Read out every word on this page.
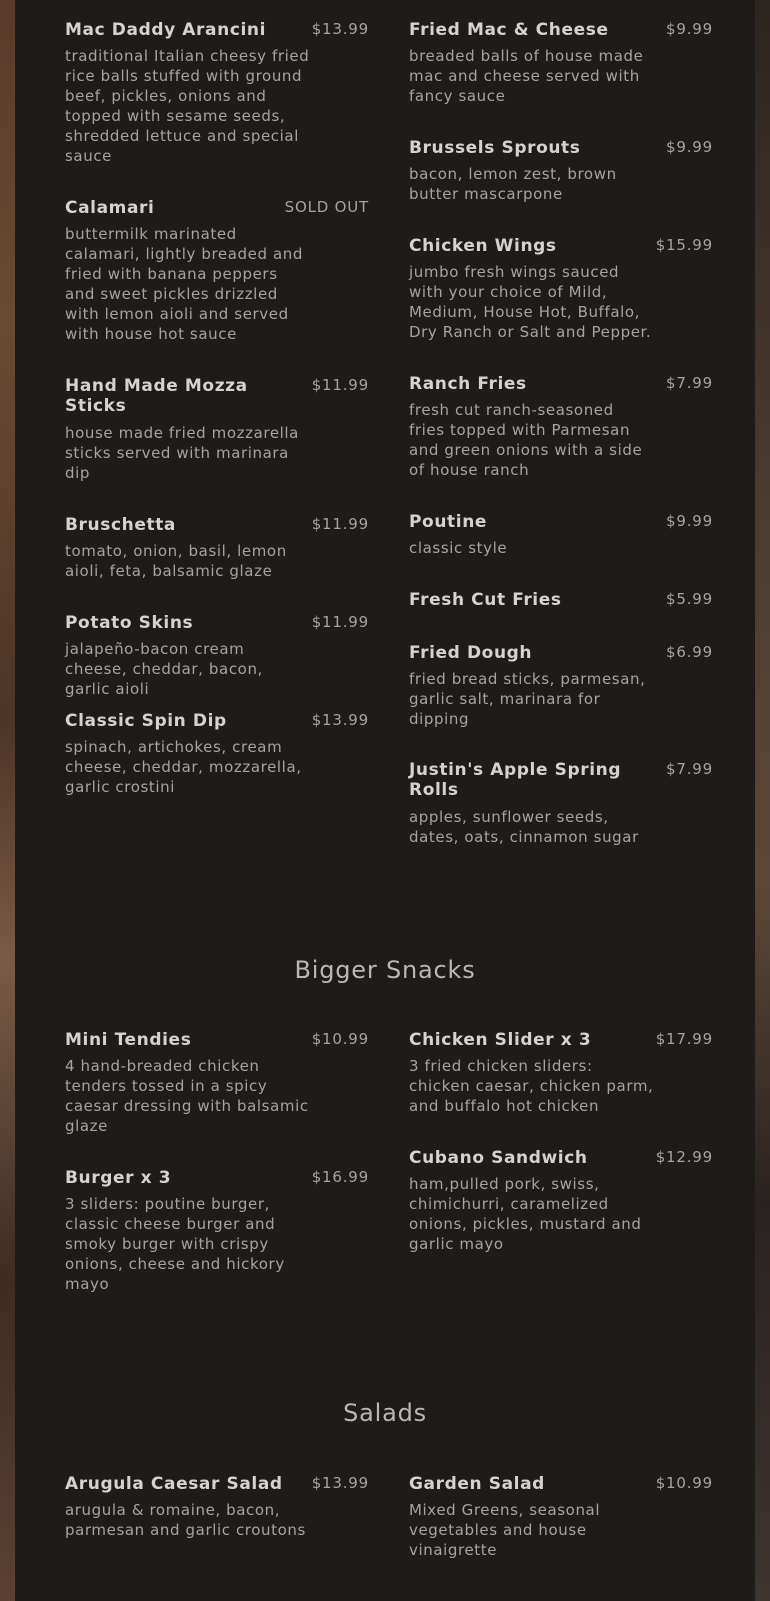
Mac Daddy Arancini	$13.99
traditional Italian cheesy fried rice balls stuffed with ground beef, pickles, onions and topped with sesame seeds, shredded lettuce and special sauce
Calamari	SOLD OUT
buttermilk marinated calamari, lightly breaded and fried with banana peppers and sweet pickles drizzled with lemon aioli and served with house hot sauce
Hand Made Mozza Sticks
$11.99
house made fried mozzarella sticks served with marinara dip
Bruschetta	$11.99
tomato, onion, basil, lemon aioli, feta, balsamic glaze
Potato Skins	$11.99
jalapeño-bacon cream cheese, cheddar, bacon, garlic aioli
Classic Spin Dip	$13.99
spinach, artichokes, cream cheese, cheddar, mozzarella, garlic crostini
Fried Mac & Cheese	$9.99
breaded balls of house made mac and cheese served with fancy sauce
Brussels Sprouts	$9.99
bacon, lemon zest, brown butter mascarpone
Chicken Wings	$15.99
jumbo fresh wings sauced with your choice of Mild, Medium, House Hot, Buffalo, Dry Ranch or Salt and Pepper.
Ranch Fries	$7.99
fresh cut ranch-seasoned fries topped with Parmesan and green onions with a side of house ranch
Poutine	$9.99
classic style
Fresh Cut Fries	$5.99
Fried Dough	$6.99
fried bread sticks, parmesan, garlic salt, marinara for dipping
Justin's Apple Spring Rolls
$7.99
apples, sunflower seeds, dates, oats, cinnamon sugar
Bigger Snacks
Mini Tendies	$10.99
4 hand-breaded chicken tenders tossed in a spicy caesar dressing with balsamic glaze
Burger x 3	$16.99
3 sliders: poutine burger, classic cheese burger and smoky burger with crispy onions, cheese and hickory mayo
Chicken Slider x 3	$17.99
3 fried chicken sliders: chicken caesar, chicken parm, and buffalo hot chicken
Cubano Sandwich	$12.99
ham,pulled pork, swiss, chimichurri, caramelized onions, pickles, mustard and garlic mayo
Salads
Arugula Caesar Salad	$13.99
arugula & romaine, bacon, parmesan and garlic croutons
Garden Salad	$10.99
Mixed Greens, seasonal vegetables and house vinaigrette
